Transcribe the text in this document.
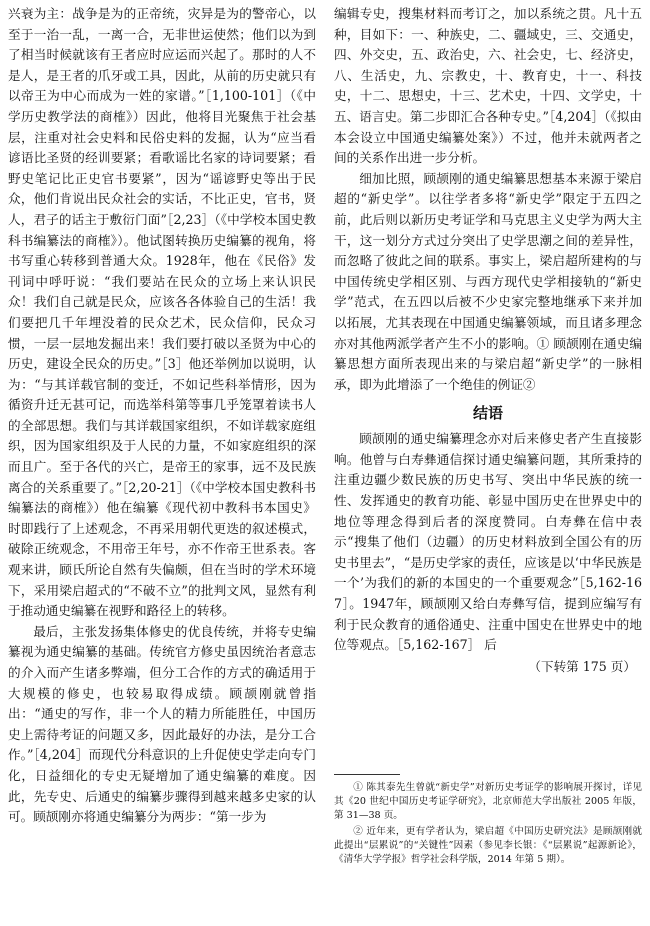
兴衰为主：战争是为的正帝统，灾异是为的警帝心，以至于一治一乱，一离一合，无非世运使然；他们以为到了相当时候就该有王者应时应运而兴起了。那时的人不是人，是王者的爪牙或工具，因此，从前的历史就只有以帝王为中心而成为一姓的家谱。”［1,100-101］（《中学历史教学法的商榷》）因此，他将目光聚焦于社会基层，注重对社会史料和民俗史料的发掘，认为“应当看谚语比圣贤的经训要紧；看歌谣比名家的诗词要紧；看野史笔记比正史官书要紧”，因为“谣谚野史等出于民众，他们肯说出民众社会的实话，不比正史，官书，贤人，君子的话主于敷衍门面”［2,23］（《中学校本国史教科书编纂法的商榷》）。他试图转换历史编纂的视角，将书写重心转移到普通大众。1928年，他在《民俗》发刊词中呼吁说：“我们要站在民众的立场上来认识民众！我们自己就是民众，应该各各体验自己的生活！我们要把几千年埋没着的民众艺术，民众信仰，民众习惯，一层一层地发掘出来！我们要打破以圣贤为中心的历史，建设全民众的历史。”［3］他还举例加以说明，认为：“与其详载官制的变迁，不如记些科举情形，因为循资升迁无甚可记，而选举科第等事几乎笼罩着读书人的全部思想。我们与其详载国家组织，不如详载家庭组织，因为国家组织及于人民的力量，不如家庭组织的深而且广。至于各代的兴亡，是帝王的家事，远不及民族离合的关系重要了。”［2,20-21］（《中学校本国史教科书编纂法的商榷》）他在编纂《现代初中教科书本国史》时即践行了上述观念，不再采用朝代更迭的叙述模式，破除正统观念，不用帝王年号，亦不作帝王世系表。客观来讲，顾氏所论自然有失偏颇，但在当时的学术环境下，采用梁启超式的“不破不立”的批判文风，显然有利于推动通史编纂在视野和路径上的转移。

最后，主张发扬集体修史的优良传统，并将专史编纂视为通史编纂的基础。传统官方修史虽因统治者意志的介入而产生诸多弊端，但分工合作的方式的确适用于大规模的修史，也较易取得成绩。顾颉刚就曾指出：“通史的写作，非一个人的精力所能胜任，中国历史上需待考证的问题又多，因此最好的办法，是分工合作。”［4,204］而现代分科意识的上升促使史学走向专门化，日益细化的专史无疑增加了通史编纂的难度。因此，先专史、后通史的编纂步骤得到越来越多史家的认可。顾颉刚亦将通史编纂分为两步：“第一步为

编辑专史，搜集材料而考订之，加以系统之贯。凡十五种，目如下：一、种族史，二、疆域史，三、交通史，四、外交史，五、政治史，六、社会史，七、经济史，八、生活史，九、宗教史，十、教育史，十一、科技史，十二、思想史，十三、艺术史，十四、文学史，十五、语言史。第二步即汇合各种专史。”［4,204］（《拟由本会设立中国通史编纂处案》）不过，他并未就两者之间的关系作出进一步分析。

细加比照，顾颉刚的通史编纂思想基本来源于梁启超的“新史学”。以往学者多将“新史学”限定于五四之前，此后则以新历史考证学和马克思主义史学为两大主干，这一划分方式过分突出了史学思潮之间的差异性，而忽略了彼此之间的联系。事实上，梁启超所建构的与中国传统史学相区别、与西方现代史学相接轨的“新史学”范式，在五四以后被不少史家完整地继承下来并加以拓展，尤其表现在中国通史编纂领域，而且诸多理念亦对其他两派学者产生不小的影响。① 顾颉刚在通史编纂思想方面所表现出来的与梁启超“新史学”的一脉相承，即为此增添了一个绝佳的例证②

结语

顾颉刚的通史编纂理念亦对后来修史者产生直接影响。他曾与白寿彝通信探讨通史编纂问题，其所秉持的注重边疆少数民族的历史书写、突出中华民族的统一性、发挥通史的教育功能、彰显中国历史在世界史中的地位等理念得到后者的深度赞同。白寿彝在信中表示“搜集了他们（边疆）的历史材料放到全国公有的历史书里去”，“是历史学家的责任，应该是以‘中华民族是一个’为我们的新的本国史的一个重要观念”［5,162-167］。1947年，顾颉刚又给白寿彝写信，提到应编写有利于民众教育的通俗通史、注重中国史在世界史中的地位等观点。［5,162-167］ 后

（下转第 175 页）

① 陈其泰先生曾就“新史学”对新历史考证学的影响展开探讨，详见其《20 世纪中国历史考证学研究》，北京师范大学出版社 2005 年版，第 31—38 页。

② 近年来，更有学者认为，梁启超《中国历史研究法》是顾颉刚就此提出“层累说”的“关键性”因素（参见李长银：《“层累说”起源新论》，《清华大学学报》哲学社会科学版，2014 年第 5 期）。
